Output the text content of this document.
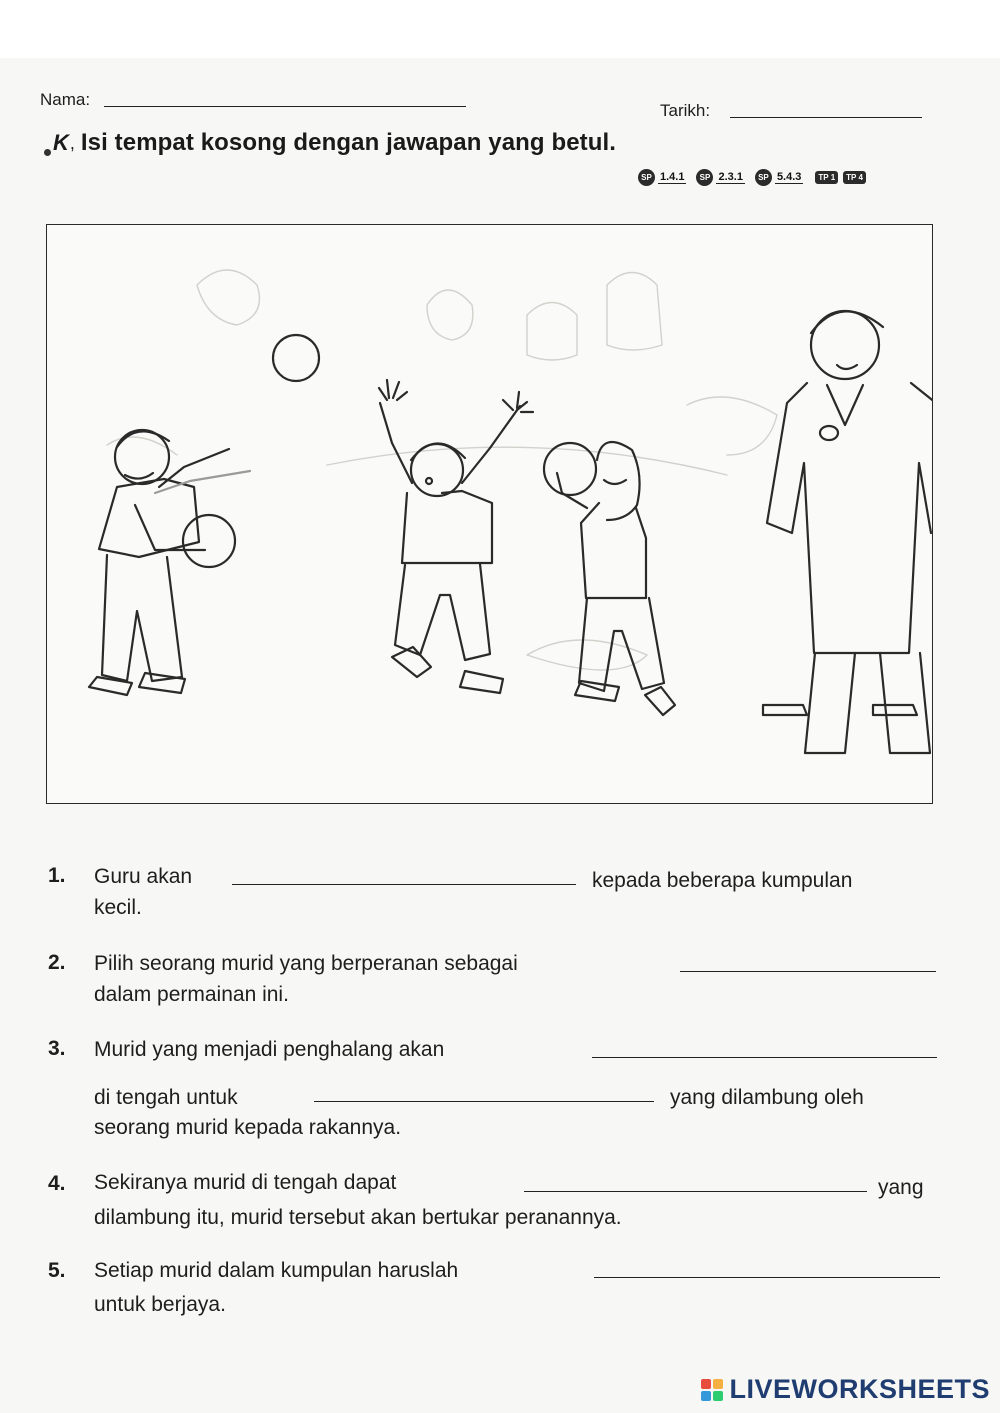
Nama:
Tarikh:
K , Isi tempat kosong dengan jawapan yang betul.
SP 1.4.1	SP 2.3.1	SP 5.4.3	TP 1	TP 4
1. Guru akan	kepada beberapa kumpulan
kecil.
2. Pilih seorang murid yang berperanan sebagai
dalam permainan ini.
3. Murid yang menjadi penghalang akan
di tengah untuk	yang dilambung oleh
seorang murid kepada rakannya.
4. Sekiranya murid di tengah dapat	yang
dilambung itu, murid tersebut akan bertukar peranannya.
5. Setiap murid dalam kumpulan haruslah
untuk berjaya.
LIVEWORKSHEETS
